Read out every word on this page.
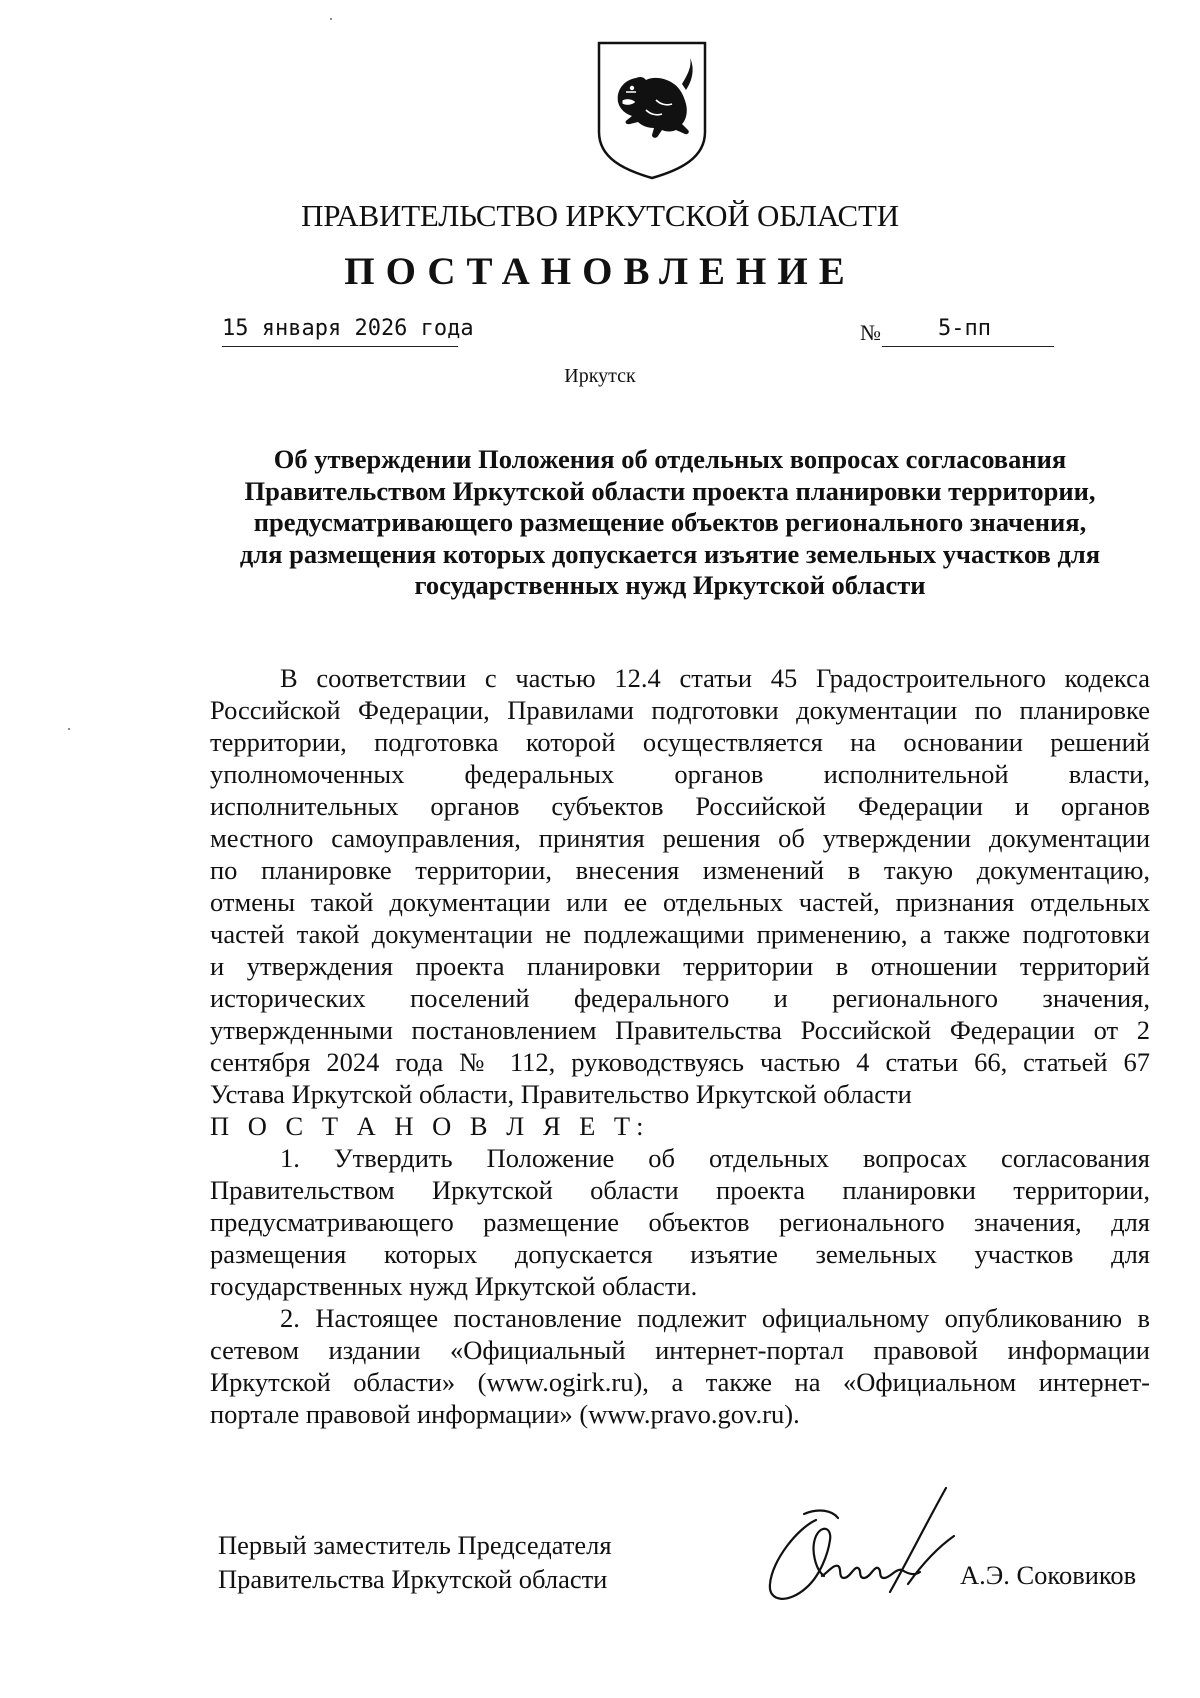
ПРАВИТЕЛЬСТВО ИРКУТСКОЙ ОБЛАСТИ
ПОСТАНОВЛЕНИЕ
15 января 2026 года	№	5-пп
Иркутск
Об утверждении Положения об отдельных вопросах согласования
Правительством Иркутской области проекта планировки территории,
предусматривающего размещение объектов регионального значения,
для размещения которых допускается изъятие земельных участков для
государственных нужд Иркутской области
В соответствии с частью 12.4 статьи 45 Градостроительного кодекса
Российской Федерации, Правилами подготовки документации по планировке
территории, подготовка которой осуществляется на основании решений
уполномоченных федеральных органов исполнительной власти,
исполнительных органов субъектов Российской Федерации и органов
местного самоуправления, принятия решения об утверждении документации
по планировке территории, внесения изменений в такую документацию,
отмены такой документации или ее отдельных частей, признания отдельных
частей такой документации не подлежащими применению, а также подготовки
и утверждения проекта планировки территории в отношении территорий
исторических поселений федерального и регионального значения,
утвержденными постановлением Правительства Российской Федерации от 2
сентября 2024 года № 112, руководствуясь частью 4 статьи 66, статьей 67
Устава Иркутской области, Правительство Иркутской области
П О С Т А Н О В Л Я Е Т:
1. Утвердить Положение об отдельных вопросах согласования
Правительством Иркутской области проекта планировки территории,
предусматривающего размещение объектов регионального значения, для
размещения которых допускается изъятие земельных участков для
государственных нужд Иркутской области.
2. Настоящее постановление подлежит официальному опубликованию в
сетевом издании «Официальный интернет-портал правовой информации
Иркутской области» (www.ogirk.ru), а также на «Официальном интернет-
портале правовой информации» (www.pravo.gov.ru).
Первый заместитель Председателя
Правительства Иркутской области	А.Э. Соковиков
